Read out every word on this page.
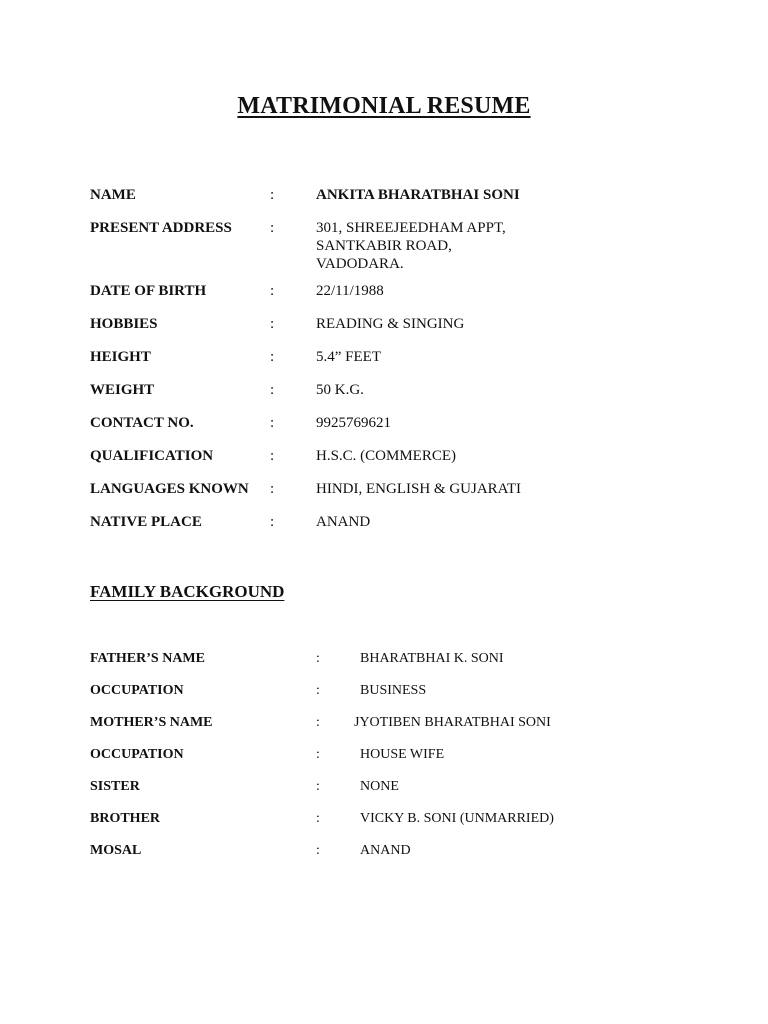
MATRIMONIAL RESUME
NAME	:	ANKITA BHARATBHAI SONI
PRESENT ADDRESS	:	301, SHREEJEEDHAM APPT,
SANTKABIR ROAD,
VADODARA.
DATE OF BIRTH	:	22/11/1988
HOBBIES	:	READING & SINGING
HEIGHT	:	5.4” FEET
WEIGHT	:	50 K.G.
CONTACT NO.	:	9925769621
QUALIFICATION	:	H.S.C. (COMMERCE)
LANGUAGES KNOWN	:	HINDI, ENGLISH & GUJARATI
NATIVE PLACE	:	ANAND
FAMILY BACKGROUND
FATHER’S NAME	:	BHARATBHAI K. SONI
OCCUPATION	:	BUSINESS
MOTHER’S NAME	:	JYOTIBEN BHARATBHAI SONI
OCCUPATION	:	HOUSE WIFE
SISTER	:	NONE
BROTHER	:	VICKY B. SONI (UNMARRIED)
MOSAL	:	ANAND
